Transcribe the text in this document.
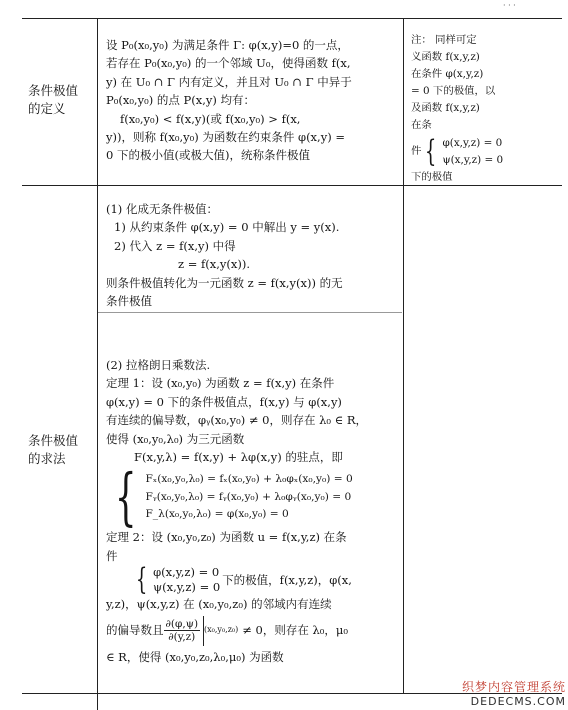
· · ·
条件极值的定义
设 P₀(x₀,y₀) 为满足条件 Γ: φ(x,y)=0 的一点，
若存在 P₀(x₀,y₀) 的一个邻域 U₀，使得函数 f(x,
y) 在 U₀ ∩ Γ 内有定义，并且对 U₀ ∩ Γ 中异于
P₀(x₀,y₀) 的点 P(x,y) 均有：
f(x₀,y₀) < f(x,y)(或 f(x₀,y₀) > f(x,
y))，则称 f(x₀,y₀) 为函数在约束条件 φ(x,y) =
0 下的极小值(或极大值)，统称条件极值
注： 同样可定
义函数 f(x,y,z)
在条件 φ(x,y,z)
= 0 下的极值，以
及函数 f(x,y,z)
在条
件 { φ(x,y,z) = 0
ψ(x,y,z) = 0
下的极值
(1) 化成无条件极值：
1) 从约束条件 φ(x,y) = 0 中解出 y = y(x).
2) 代入 z = f(x,y) 中得
z = f(x,y(x)).
则条件极值转化为一元函数 z = f(x,y(x)) 的无
条件极值
条件极值的求法
(2) 拉格朗日乘数法.
定理 1：设 (x₀,y₀) 为函数 z = f(x,y) 在条件
φ(x,y) = 0 下的条件极值点，f(x,y) 与 φ(x,y)
有连续的偏导数，φᵧ(x₀,y₀) ≠ 0，则存在 λ₀ ∈ R，
使得 (x₀,y₀,λ₀) 为三元函数
F(x,y,λ) = f(x,y) + λφ(x,y) 的驻点，即
{ Fₓ(x₀,y₀,λ₀) = fₓ(x₀,y₀) + λ₀φₓ(x₀,y₀) = 0
Fᵧ(x₀,y₀,λ₀) = fᵧ(x₀,y₀) + λ₀φᵧ(x₀,y₀) = 0
F_λ(x₀,y₀,λ₀) = φ(x₀,y₀) = 0
定理 2：设 (x₀,y₀,z₀) 为函数 u = f(x,y,z) 在条
件
{ φ(x,y,z) = 0
ψ(x,y,z) = 0
下的极值，f(x,y,z)，φ(x,
y,z)，ψ(x,y,z) 在 (x₀,y₀,z₀) 的邻域内有连续
的偏导数且 $\frac{\partial(\varphi,\psi)}{\partial(y,z)} (x_0,y_0,z_0) \ne 0$，则存在 λ₀，μ₀
∈ R，使得 (x₀,y₀,z₀,λ₀,μ₀) 为函数
织梦内容管理系统
DEDECMS.COM
